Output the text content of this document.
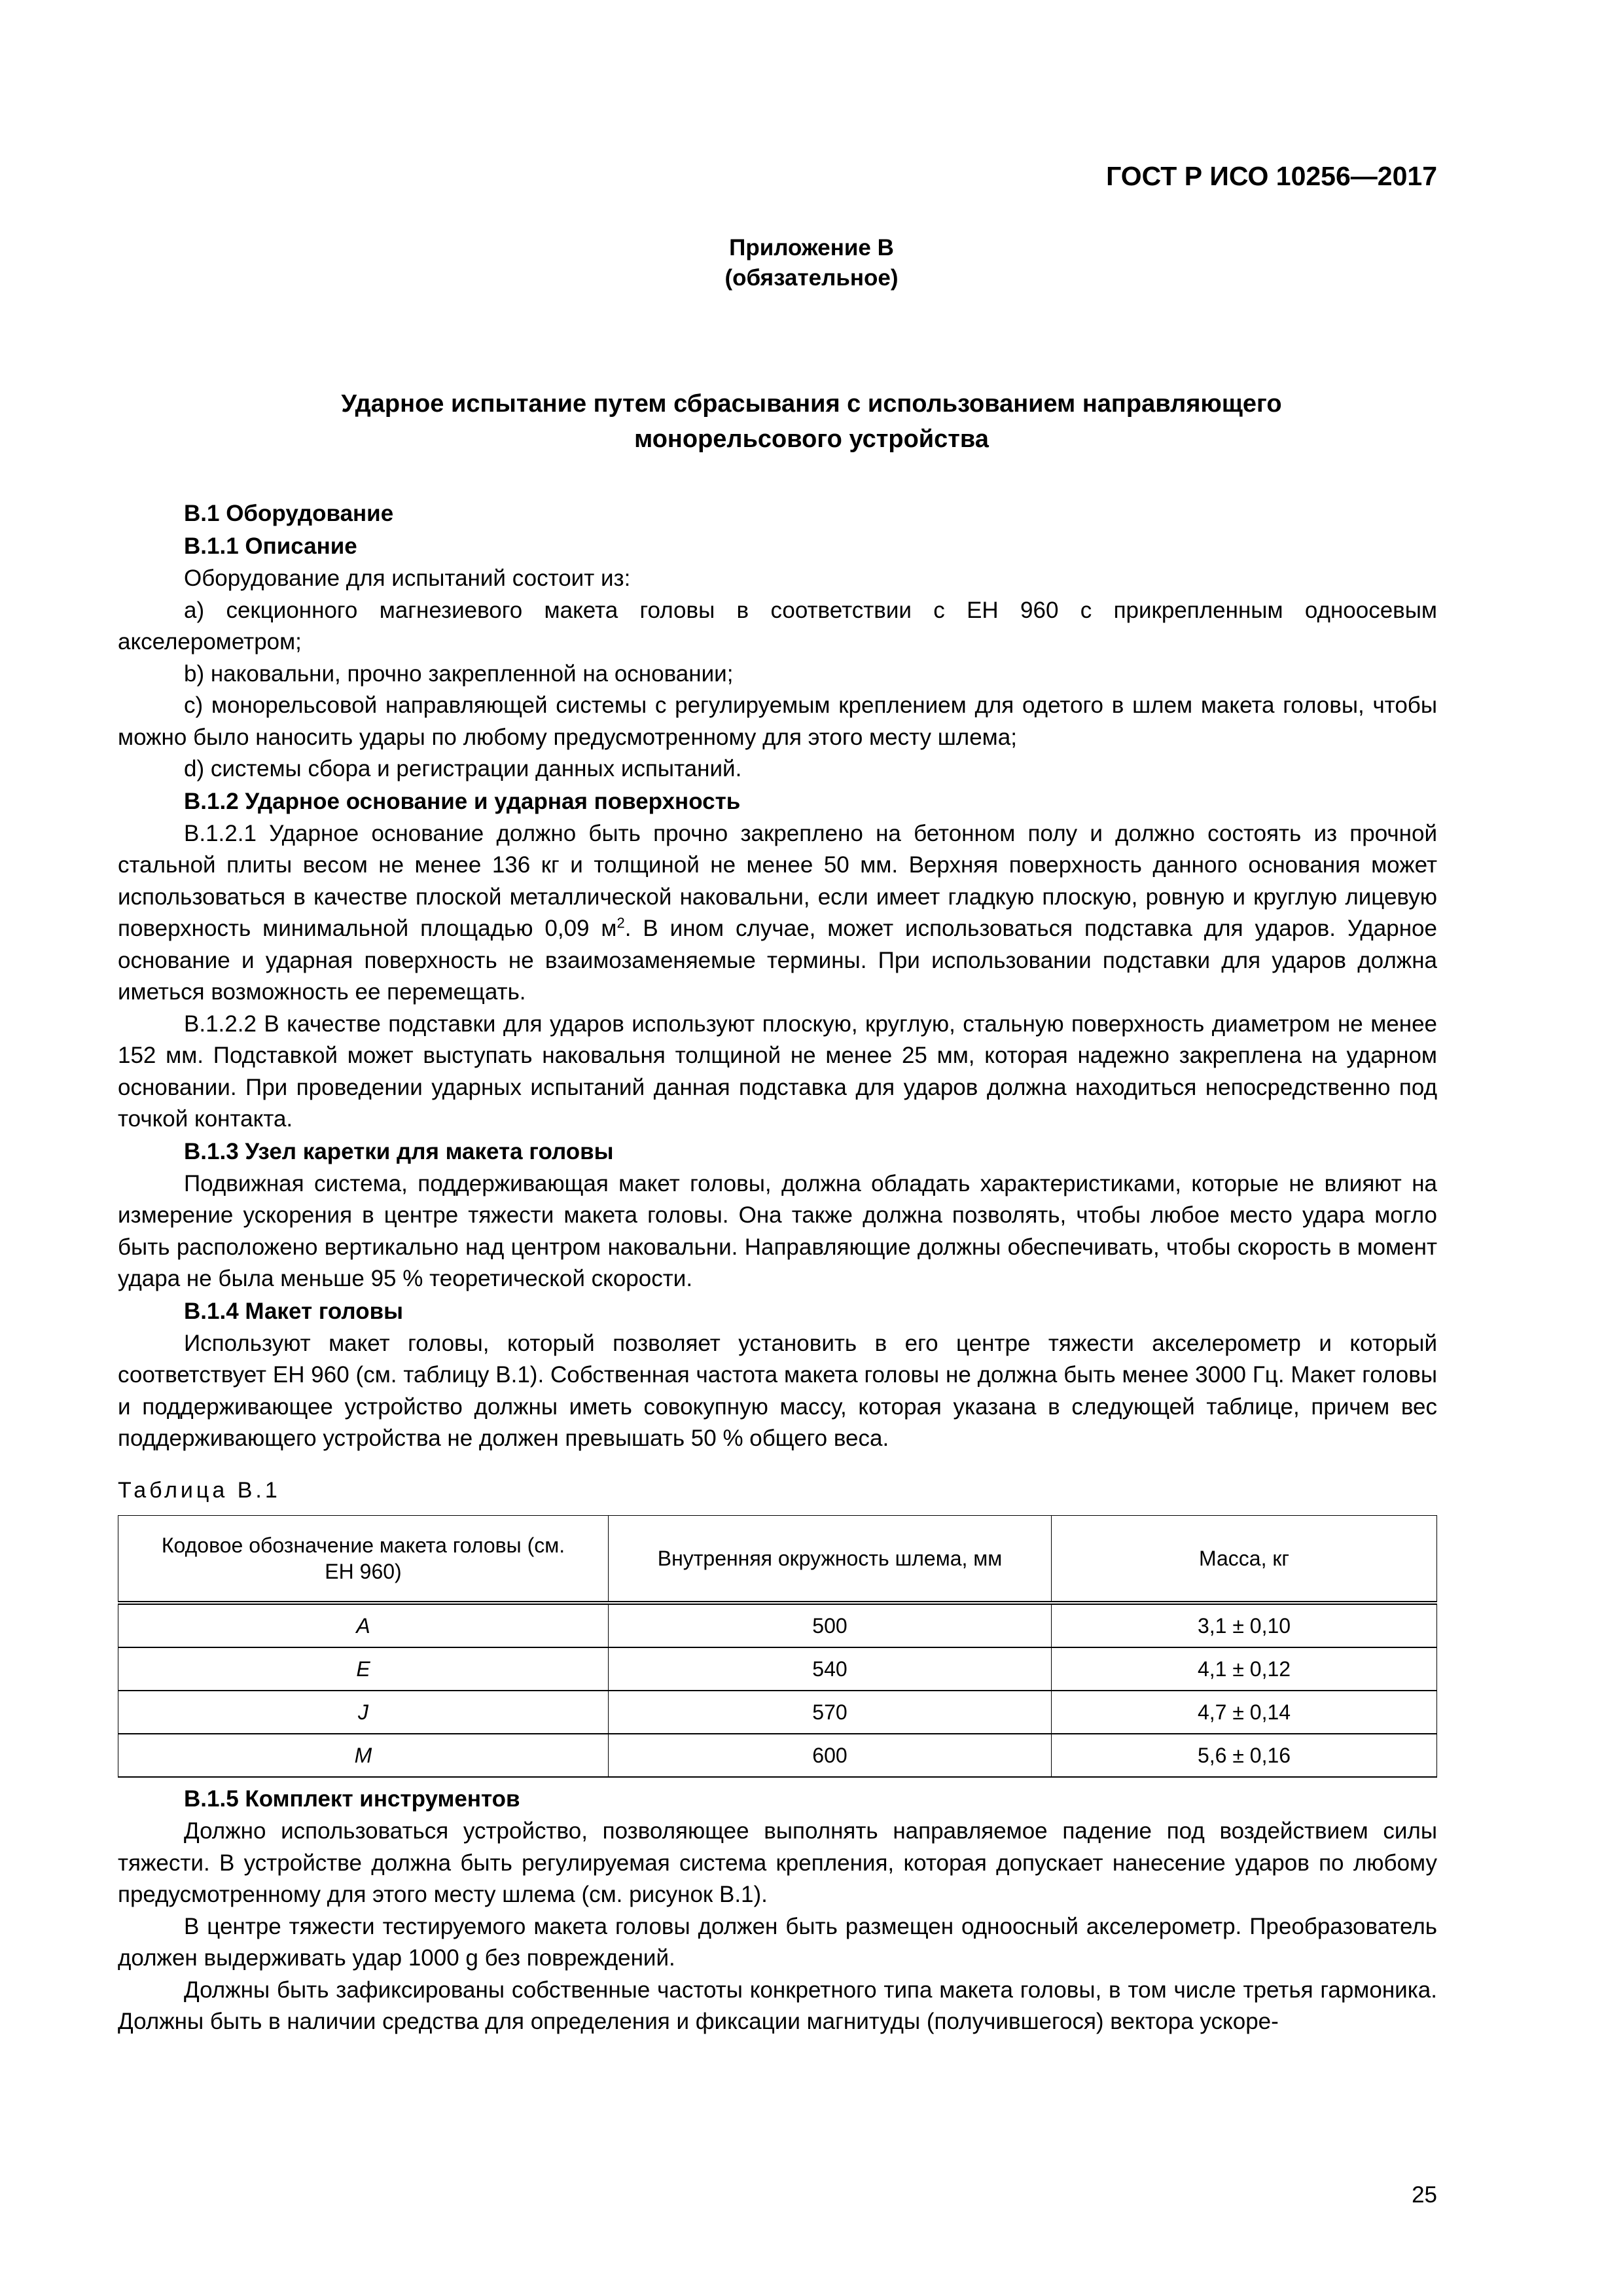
ГОСТ Р ИСО 10256—2017
Приложение В
(обязательное)
Ударное испытание путем сбрасывания с использованием направляющего
монорельсового устройства
В.1 Оборудование
В.1.1 Описание

Оборудование для испытаний состоит из:

а) секционного магнезиевого макета головы в соответствии с ЕН 960 с прикрепленным одноосевым акселерометром;

b) наковальни, прочно закрепленной на основании;

c) монорельсовой направляющей системы с регулируемым креплением для одетого в шлем макета головы, чтобы можно было наносить удары по любому предусмотренному для этого месту шлема;

d) системы сбора и регистрации данных испытаний.

В.1.2 Ударное основание и ударная поверхность

В.1.2.1 Ударное основание должно быть прочно закреплено на бетонном полу и должно состоять из прочной стальной плиты весом не менее 136 кг и толщиной не менее 50 мм. Верхняя поверхность данного основания может использоваться в качестве плоской металлической наковальни, если имеет гладкую плоскую, ровную и круглую лицевую поверхность минимальной площадью 0,09 $м^2$. В ином случае, может использоваться подставка для ударов. Ударное основание и ударная поверхность не взаимозаменяемые термины. При использовании подставки для ударов должна иметься возможность ее перемещать.

В.1.2.2 В качестве подставки для ударов используют плоскую, круглую, стальную поверхность диаметром не менее 152 мм. Подставкой может выступать наковальня толщиной не менее 25 мм, которая надежно закреплена на ударном основании. При проведении ударных испытаний данная подставка для ударов должна находиться непосредственно под точкой контакта.

В.1.3 Узел каретки для макета головы

Подвижная система, поддерживающая макет головы, должна обладать характеристиками, которые не влияют на измерение ускорения в центре тяжести макета головы. Она также должна позволять, чтобы любое место удара могло быть расположено вертикально над центром наковальни. Направляющие должны обеспечивать, чтобы скорость в момент удара не была меньше 95 % теоретической скорости.

В.1.4 Макет головы

Используют макет головы, который позволяет установить в его центре тяжести акселерометр и который соответствует ЕН 960 (см. таблицу В.1). Собственная частота макета головы не должна быть менее 3000 Гц. Макет головы и поддерживающее устройство должны иметь совокупную массу, которая указана в следующей таблице, причем вес поддерживающего устройства не должен превышать 50 % общего веса.

Таблица В.1
Кодовое обозначение макета головы (см. ЕН 960)	Внутренняя окружность шлема, мм	Масса, кг
A	500	3,1 ± 0,10
E	540	4,1 ± 0,12
J	570	4,7 ± 0,14
M	600	5,6 ± 0,16
В.1.5 Комплект инструментов

Должно использоваться устройство, позволяющее выполнять направляемое падение под воздействием силы тяжести. В устройстве должна быть регулируемая система крепления, которая допускает нанесение ударов по любому предусмотренному для этого месту шлема (см. рисунок В.1).

В центре тяжести тестируемого макета головы должен быть размещен одноосный акселерометр. Преобразователь должен выдерживать удар 1000 g без повреждений.

Должны быть зафиксированы собственные частоты конкретного типа макета головы, в том числе третья гармоника. Должны быть в наличии средства для определения и фиксации магнитуды (получившегося) вектора ускоре-

25
